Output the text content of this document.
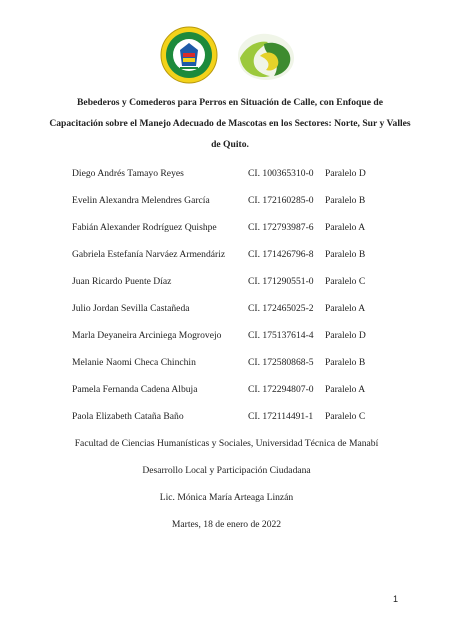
Bebederos y Comederos para Perros en Situación de Calle, con Enfoque de
Capacitación sobre el Manejo Adecuado de Mascotas en los Sectores: Norte, Sur y Valles
de Quito.
Diego Andrés Tamayo Reyes	CI. 100365310-0 Paralelo D
Evelin Alexandra Melendres García	CI. 172160285-0 Paralelo B
Fabián Alexander Rodríguez Quishpe	CI. 172793987-6 Paralelo A
Gabriela Estefanía Narváez Armendáriz CI. 171426796-8 Paralelo B
Juan Ricardo Puente Díaz	CI. 171290551-0 Paralelo C
Julio Jordan Sevilla Castañeda	CI. 172465025-2 Paralelo A
Marla Deyaneira Arciniega Mogrovejo	CI. 175137614-4 Paralelo D
Melanie Naomi Checa Chinchin	CI. 172580868-5 Paralelo B
Pamela Fernanda Cadena Albuja	CI. 172294807-0 Paralelo A
Paola Elizabeth Cataña Baño	CI. 172114491-1 Paralelo C
Facultad de Ciencias Humanísticas y Sociales, Universidad Técnica de Manabí
Desarrollo Local y Participación Ciudadana
Lic. Mónica María Arteaga Linzán
Martes, 18 de enero de 2022
1
